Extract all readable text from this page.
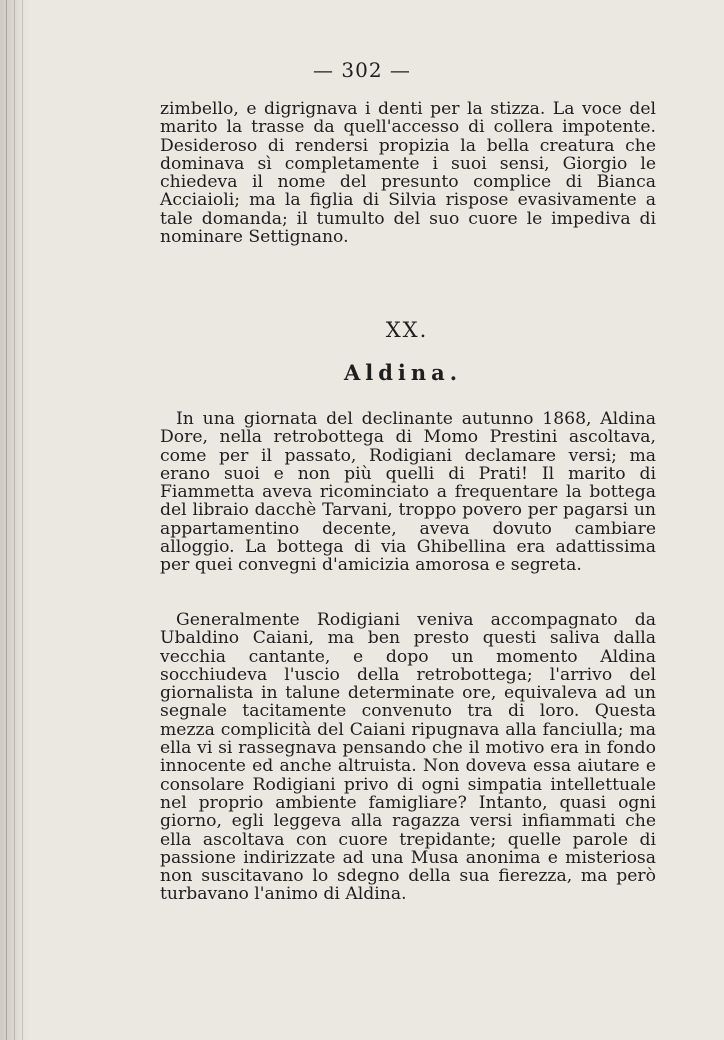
— 302 —

zimbello, e digrignava i denti per la stizza. La voce del marito la trasse da quell'accesso di collera impotente. Desideroso di rendersi propizia la bella creatura che dominava sì completamente i suoi sensi, Giorgio le chiedeva il nome del presunto complice di Bianca Acciaioli; ma la figlia di Silvia rispose evasivamente a tale domanda; il tumulto del suo cuore le impediva di nominare Settignano.

XX.
Aldina.

In una giornata del declinante autunno 1868, Aldina Dore, nella retrobottega di Momo Prestini ascoltava, come per il passato, Rodigiani declamare versi; ma erano suoi e non più quelli di Prati! Il marito di Fiammetta aveva ricominciato a frequentare la bottega del libraio dacchè Tarvani, troppo povero per pagarsi un appartamentino decente, aveva dovuto cambiare alloggio. La bottega di via Ghibellina era adattissima per quei convegni d'amicizia amorosa e segreta.

Generalmente Rodigiani veniva accompagnato da Ubaldino Caiani, ma ben presto questi saliva dalla vecchia cantante, e dopo un momento Aldina socchiudeva l'uscio della retrobottega; l'arrivo del giornalista in talune determinate ore, equivaleva ad un segnale tacitamente convenuto tra di loro. Questa mezza complicità del Caiani ripugnava alla fanciulla; ma ella vi si rassegnava pensando che il motivo era in fondo innocente ed anche altruista. Non doveva essa aiutare e consolare Rodigiani privo di ogni simpatia intellettuale nel proprio ambiente famigliare? Intanto, quasi ogni giorno, egli leggeva alla ragazza versi infiammati che ella ascoltava con cuore trepidante; quelle parole di passione indirizzate ad una Musa anonima e misteriosa non suscitavano lo sdegno della sua fierezza, ma però turbavano l'animo di Aldina.
